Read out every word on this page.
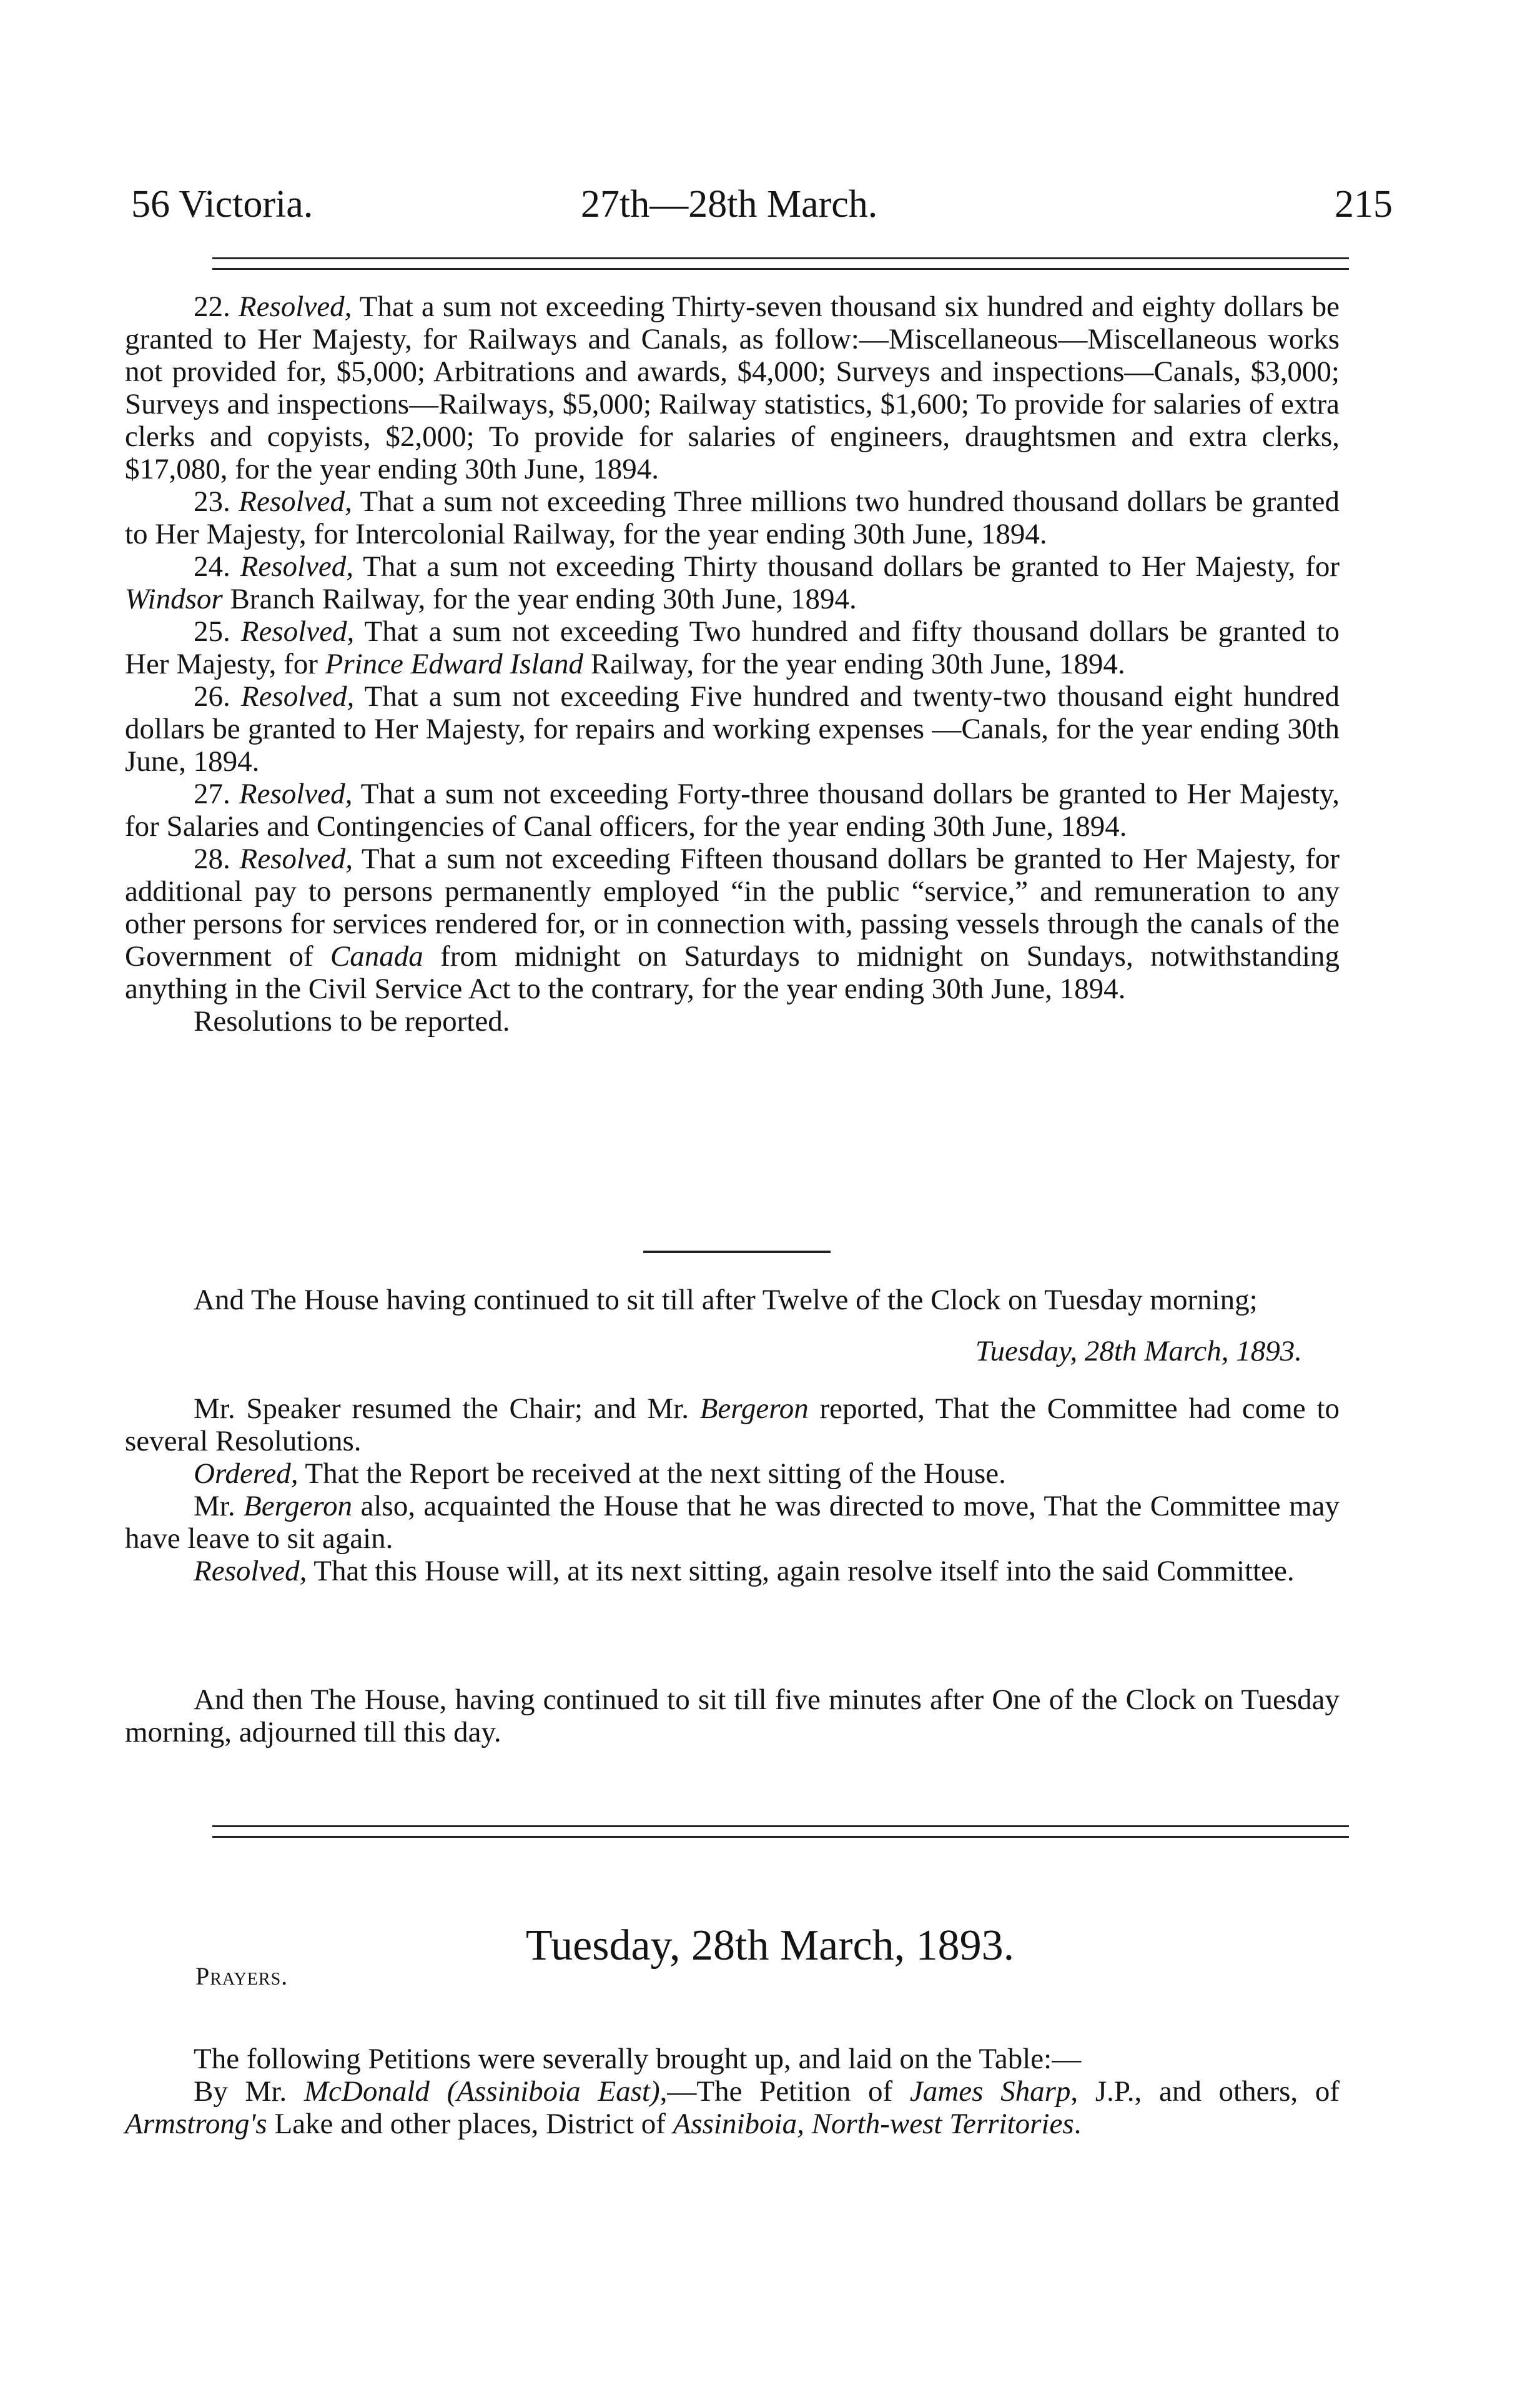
56 Victoria.	27th—28th March.	215

22. Resolved, That a sum not exceeding Thirty-seven thousand six hundred and eighty dollars be granted to Her Majesty, for Railways and Canals, as follow:—Miscellaneous—Miscellaneous works not provided for, $5,000; Arbitrations and awards, $4,000; Surveys and inspections—Canals, $3,000; Surveys and inspections—Railways, $5,000; Railway statistics, $1,600; To provide for salaries of extra clerks and copyists, $2,000; To provide for salaries of engineers, draughtsmen and extra clerks, $17,080, for the year ending 30th June, 1894.

23. Resolved, That a sum not exceeding Three millions two hundred thousand dollars be granted to Her Majesty, for Intercolonial Railway, for the year ending 30th June, 1894.

24. Resolved, That a sum not exceeding Thirty thousand dollars be granted to Her Majesty, for Windsor Branch Railway, for the year ending 30th June, 1894.

25. Resolved, That a sum not exceeding Two hundred and fifty thousand dollars be granted to Her Majesty, for Prince Edward Island Railway, for the year ending 30th June, 1894.

26. Resolved, That a sum not exceeding Five hundred and twenty-two thousand eight hundred dollars be granted to Her Majesty, for repairs and working expenses —Canals, for the year ending 30th June, 1894.

27. Resolved, That a sum not exceeding Forty-three thousand dollars be granted to Her Majesty, for Salaries and Contingencies of Canal officers, for the year ending 30th June, 1894.

28. Resolved, That a sum not exceeding Fifteen thousand dollars be granted to Her Majesty, for additional pay to persons permanently employed “in the public “service,” and remuneration to any other persons for services rendered for, or in connection with, passing vessels through the canals of the Government of Canada from midnight on Saturdays to midnight on Sundays, notwithstanding anything in the Civil Service Act to the contrary, for the year ending 30th June, 1894.

Resolutions to be reported.

And The House having continued to sit till after Twelve of the Clock on Tuesday morning;

Tuesday, 28th March, 1893.

Mr. Speaker resumed the Chair; and Mr. Bergeron reported, That the Committee had come to several Resolutions.

Ordered, That the Report be received at the next sitting of the House.

Mr. Bergeron also, acquainted the House that he was directed to move, That the Committee may have leave to sit again.

Resolved, That this House will, at its next sitting, again resolve itself into the said Committee.

And then The House, having continued to sit till five minutes after One of the Clock on Tuesday morning, adjourned till this day.

Tuesday, 28th March, 1893.
Prayers.

The following Petitions were severally brought up, and laid on the Table:—

By Mr. McDonald (Assiniboia East),—The Petition of James Sharp, J.P., and others, of Armstrong's Lake and other places, District of Assiniboia, North-west Territories.
